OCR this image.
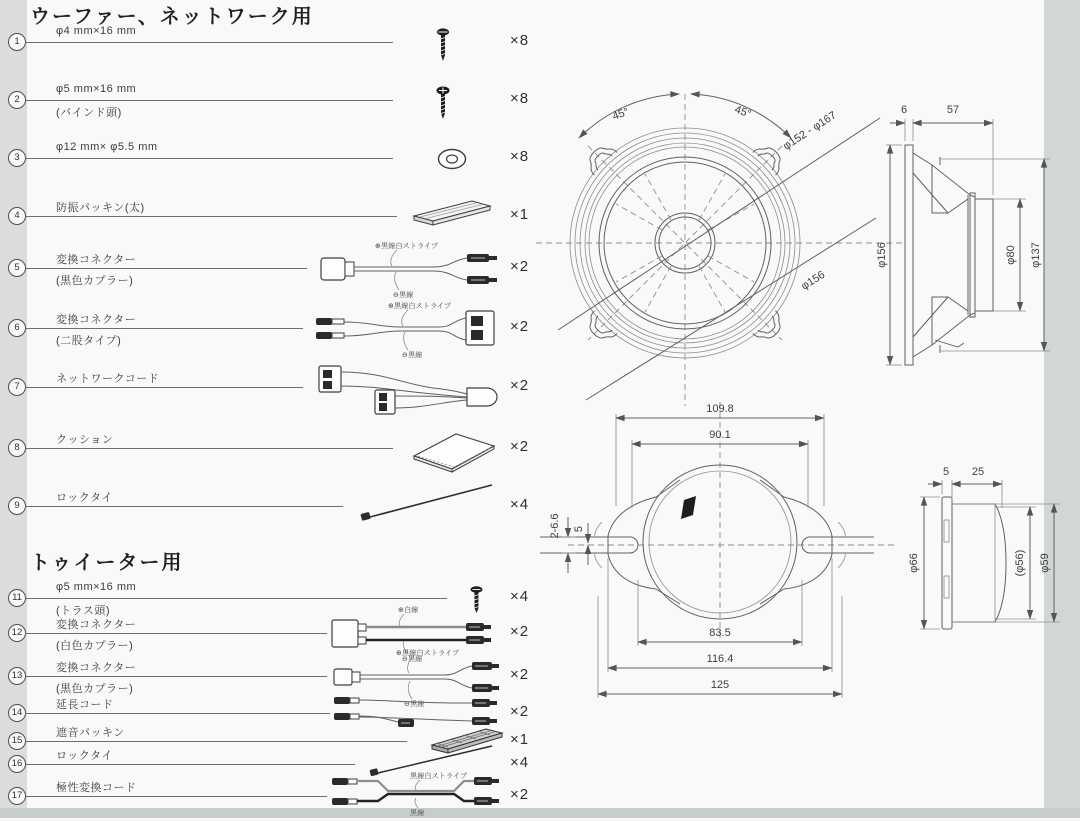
ウーファー、ネットワーク用
トゥイーター用
1
φ4 mm×16 mm
×8
2
φ5 mm×16 mm
(バインド頭)
×8
3
φ12 mm× φ5.5 mm
×8
4
防振パッキン(太)	×1
5
変換コネクター
(黒色カプラー)
⊕黒線白ストライプ
⊖黒線
×2
6
変換コネクター
(二股タイプ)
⊕黒線白ストライプ
⊖黒線
×2
7
ネットワークコード	×2
8
クッション	×2
9
ロックタイ	×4
11
φ5 mm×16 mm
(トラス頭)
×4
12
変換コネクター
(白色カプラー)
⊕白線
⊖黒線
×2
13
変換コネクター
(黒色カプラー)
⊕黒線白ストライプ
⊖黒線
×2
14
延長コード	×2
15
遮音パッキン	×1
16
ロックタイ	×4
17
極性変換コード
黒線白ストライプ
黒線
×2
45°	45°	φ152 - φ167
φ156
6	57
φ156	φ80 φ137
109.8
90.1
2-6.6 5
83.5
116.4
125
5 25
φ66	(φ56) φ59
